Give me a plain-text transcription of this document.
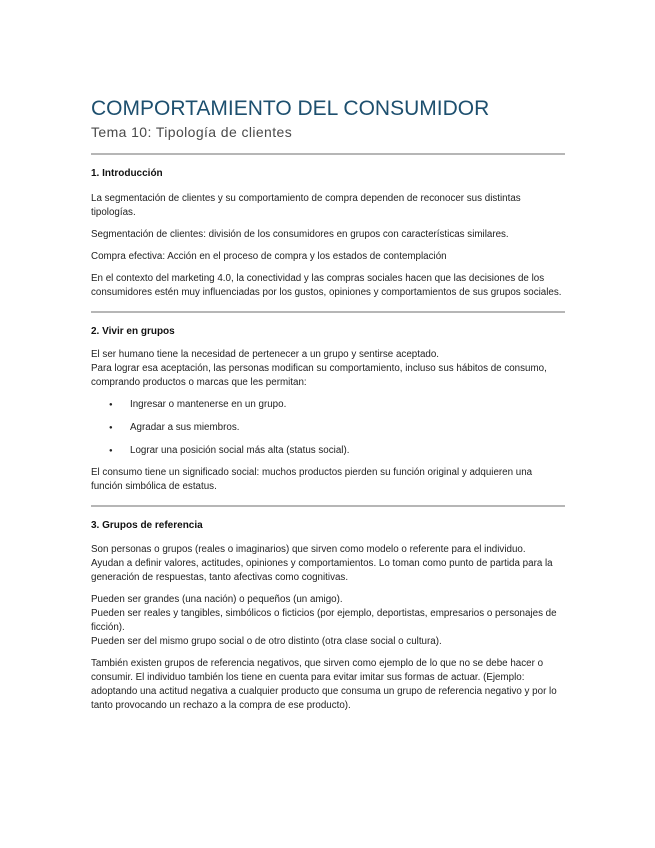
COMPORTAMIENTO DEL CONSUMIDOR
Tema 10: Tipología de clientes
1. Introducción

La segmentación de clientes y su comportamiento de compra dependen de reconocer sus distintas tipologías.

Segmentación de clientes: división de los consumidores en grupos con características similares.

Compra efectiva: Acción en el proceso de compra y los estados de contemplación

En el contexto del marketing 4.0, la conectividad y las compras sociales hacen que las decisiones de los consumidores estén muy influenciadas por los gustos, opiniones y comportamientos de sus grupos sociales.

2. Vivir en grupos

El ser humano tiene la necesidad de pertenecer a un grupo y sentirse aceptado.

Para lograr esa aceptación, las personas modifican su comportamiento, incluso sus hábitos de consumo, comprando productos o marcas que les permitan:

● Ingresar o mantenerse en un grupo.
● Agradar a sus miembros.
● Lograr una posición social más alta (status social).

El consumo tiene un significado social: muchos productos pierden su función original y adquieren una función simbólica de estatus.

3. Grupos de referencia

Son personas o grupos (reales o imaginarios) que sirven como modelo o referente para el individuo.

Ayudan a definir valores, actitudes, opiniones y comportamientos. Lo toman como punto de partida para la generación de respuestas, tanto afectivas como cognitivas.

Pueden ser grandes (una nación) o pequeños (un amigo).

Pueden ser reales y tangibles, simbólicos o ficticios (por ejemplo, deportistas, empresarios o personajes de ficción).

Pueden ser del mismo grupo social o de otro distinto (otra clase social o cultura).

También existen grupos de referencia negativos, que sirven como ejemplo de lo que no se debe hacer o consumir. El individuo también los tiene en cuenta para evitar imitar sus formas de actuar. (Ejemplo: adoptando una actitud negativa a cualquier producto que consuma un grupo de referencia negativo y por lo tanto provocando un rechazo a la compra de ese producto).
